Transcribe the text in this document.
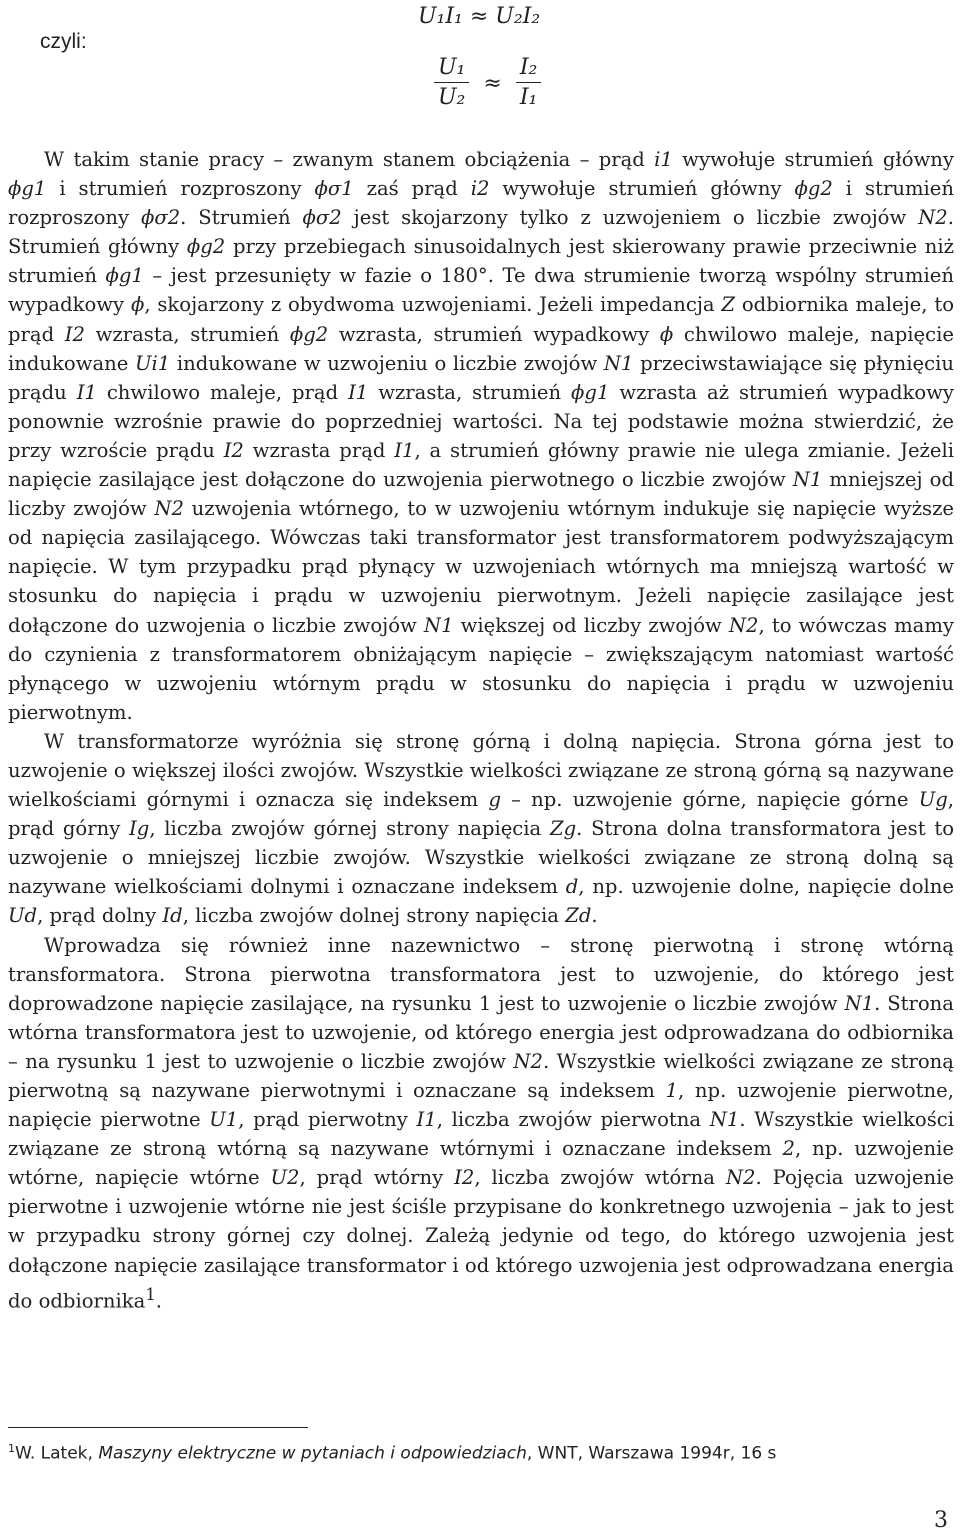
czyli:
U₁I₁ ≈ U₂I₂
$\frac{\text{U₁}}{\text{U₂}} \approx \frac{\text{I₂}}{\text{I₁}}$

W takim stanie pracy – zwanym stanem obciążenia – prąd i1 wywołuje strumień główny ϕg1 i strumień rozproszony ϕσ1 zaś prąd i2 wywołuje strumień główny ϕg2 i strumień rozproszony ϕσ2. Strumień ϕσ2 jest skojarzony tylko z uzwojeniem o liczbie zwojów N2. Strumień główny ϕg2 przy przebiegach sinusoidalnych jest skierowany prawie przeciwnie niż strumień ϕg1 – jest przesunięty w fazie o 180°. Te dwa strumienie tworzą wspólny strumień wypadkowy ϕ, skojarzony z obydwoma uzwojeniami. Jeżeli impedancja Z odbiornika maleje, to prąd I2 wzrasta, strumień ϕg2 wzrasta, strumień wypadkowy ϕ chwilowo maleje, napięcie indukowane Ui1 indukowane w uzwojeniu o liczbie zwojów N1 przeciwstawiające się płynięciu prądu I1 chwilowo maleje, prąd I1 wzrasta, strumień ϕg1 wzrasta aż strumień wypadkowy ponownie wzrośnie prawie do poprzedniej wartości. Na tej podstawie można stwierdzić, że przy wzroście prądu I2 wzrasta prąd I1, a strumień główny prawie nie ulega zmianie. Jeżeli napięcie zasilające jest dołączone do uzwojenia pierwotnego o liczbie zwojów N1 mniejszej od liczby zwojów N2 uzwojenia wtórnego, to w uzwojeniu wtórnym indukuje się napięcie wyższe od napięcia zasilającego. Wówczas taki transformator jest transformatorem podwyższającym napięcie. W tym przypadku prąd płynący w uzwojeniach wtórnych ma mniejszą wartość w stosunku do napięcia i prądu w uzwojeniu pierwotnym. Jeżeli napięcie zasilające jest dołączone do uzwojenia o liczbie zwojów N1 większej od liczby zwojów N2, to wówczas mamy do czynienia z transformatorem obniżającym napięcie – zwiększającym natomiast wartość płynącego w uzwojeniu wtórnym prądu w stosunku do napięcia i prądu w uzwojeniu pierwotnym.

W transformatorze wyróżnia się stronę górną i dolną napięcia. Strona górna jest to uzwojenie o większej ilości zwojów. Wszystkie wielkości związane ze stroną górną są nazywane wielkościami górnymi i oznacza się indeksem g – np. uzwojenie górne, napięcie górne Ug, prąd górny Ig, liczba zwojów górnej strony napięcia Zg. Strona dolna transformatora jest to uzwojenie o mniejszej liczbie zwojów. Wszystkie wielkości związane ze stroną dolną są nazywane wielkościami dolnymi i oznaczane indeksem d, np. uzwojenie dolne, napięcie dolne Ud, prąd dolny Id, liczba zwojów dolnej strony napięcia Zd.

Wprowadza się również inne nazewnictwo – stronę pierwotną i stronę wtórną transformatora. Strona pierwotna transformatora jest to uzwojenie, do którego jest doprowadzone napięcie zasilające, na rysunku 1 jest to uzwojenie o liczbie zwojów N1. Strona wtórna transformatora jest to uzwojenie, od którego energia jest odprowadzana do odbiornika – na rysunku 1 jest to uzwojenie o liczbie zwojów N2. Wszystkie wielkości związane ze stroną pierwotną są nazywane pierwotnymi i oznaczane są indeksem 1, np. uzwojenie pierwotne, napięcie pierwotne U1, prąd pierwotny I1, liczba zwojów pierwotna N1. Wszystkie wielkości związane ze stroną wtórną są nazywane wtórnymi i oznaczane indeksem 2, np. uzwojenie wtórne, napięcie wtórne U2, prąd wtórny I2, liczba zwojów wtórna N2. Pojęcia uzwojenie pierwotne i uzwojenie wtórne nie jest ściśle przypisane do konkretnego uzwojenia – jak to jest w przypadku strony górnej czy dolnej. Zależą jedynie od tego, do którego uzwojenia jest dołączone napięcie zasilające transformator i od którego uzwojenia jest odprowadzana energia do odbiornika$^1$.

$^1$W. Latek, Maszyny elektryczne w pytaniach i odpowiedziach, WNT, Warszawa 1994r, 16 s
3
